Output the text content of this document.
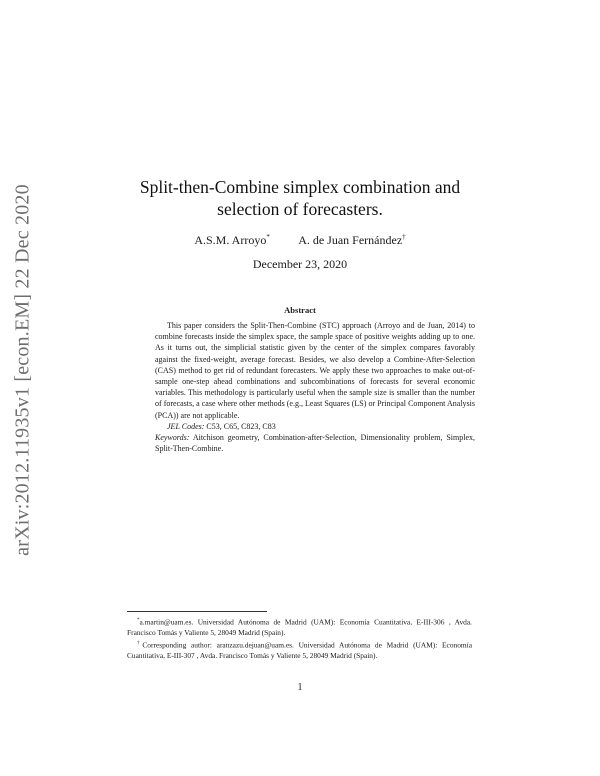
arXiv:2012.11935v1 [econ.EM] 22 Dec 2020	Split-then-Combine simplex combination and selection of forecasters.
A.S.M. Arroyo* A. de Juan Fernández†
December 23, 2020
Abstract

This paper considers the Split-Then-Combine (STC) approach (Arroyo and de Juan, 2014) to combine forecasts inside the simplex space, the sample space of positive weights adding up to one. As it turns out, the simplicial statistic given by the center of the simplex compares favorably against the fixed-weight, average forecast. Besides, we also develop a Combine-After-Selection (CAS) method to get rid of redundant forecasters. We apply these two approaches to make out-of-sample one-step ahead combinations and subcombinations of forecasts for several economic variables. This methodology is particularly useful when the sample size is smaller than the number of forecasts, a case where other methods (e.g., Least Squares (LS) or Principal Component Analysis (PCA)) are not applicable.

JEL Codes: C53, C65, C823, C83

Keywords: Aitchison geometry, Combination-after-Selection, Dimensionality problem, Simplex, Split-Then-Combine.

*a.martin@uam.es. Universidad Autónoma de Madrid (UAM): Economía Cuantitativa, E-III-306 , Avda. Francisco Tomás y Valiente 5, 28049 Madrid (Spain).

†Corresponding author: aranzazu.dejuan@uam.es. Universidad Autónoma de Madrid (UAM): Economía Cuantitativa, E-III-307 , Avda. Francisco Tomás y Valiente 5, 28049 Madrid (Spain).

1
